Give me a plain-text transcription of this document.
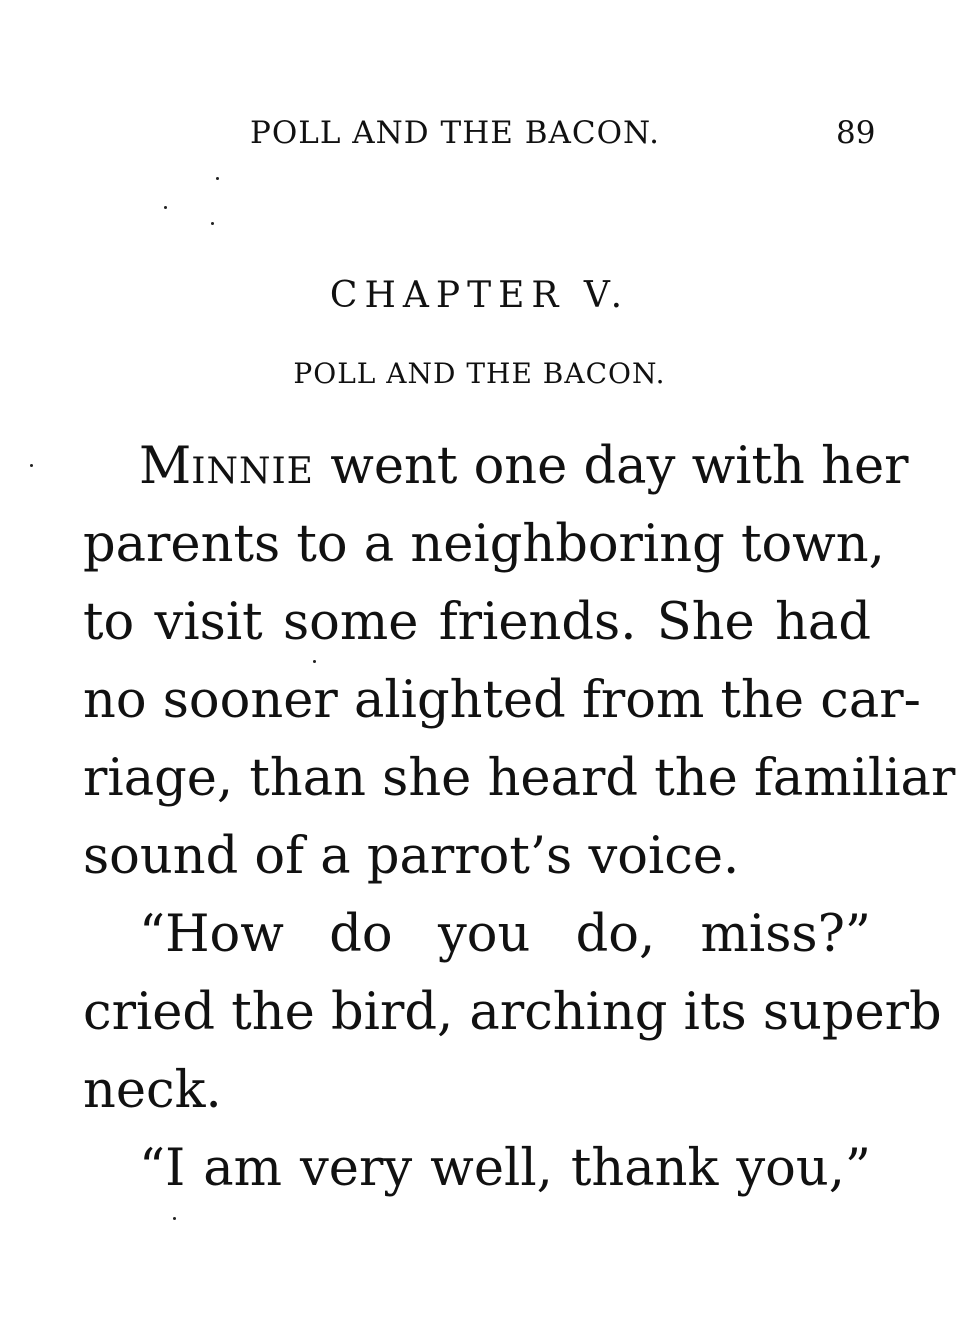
POLL AND THE BACON.	89
CHAPTER V.
POLL AND THE BACON.
MINNIE went one day with her
parents to a neighboring town,
to visit some friends. She had
no sooner alighted from the car-
riage, than she heard the familiar
sound of a parrot’s voice.
“How do you do, miss?”
cried the bird, arching its superb
neck.
“I am very well, thank you,”
